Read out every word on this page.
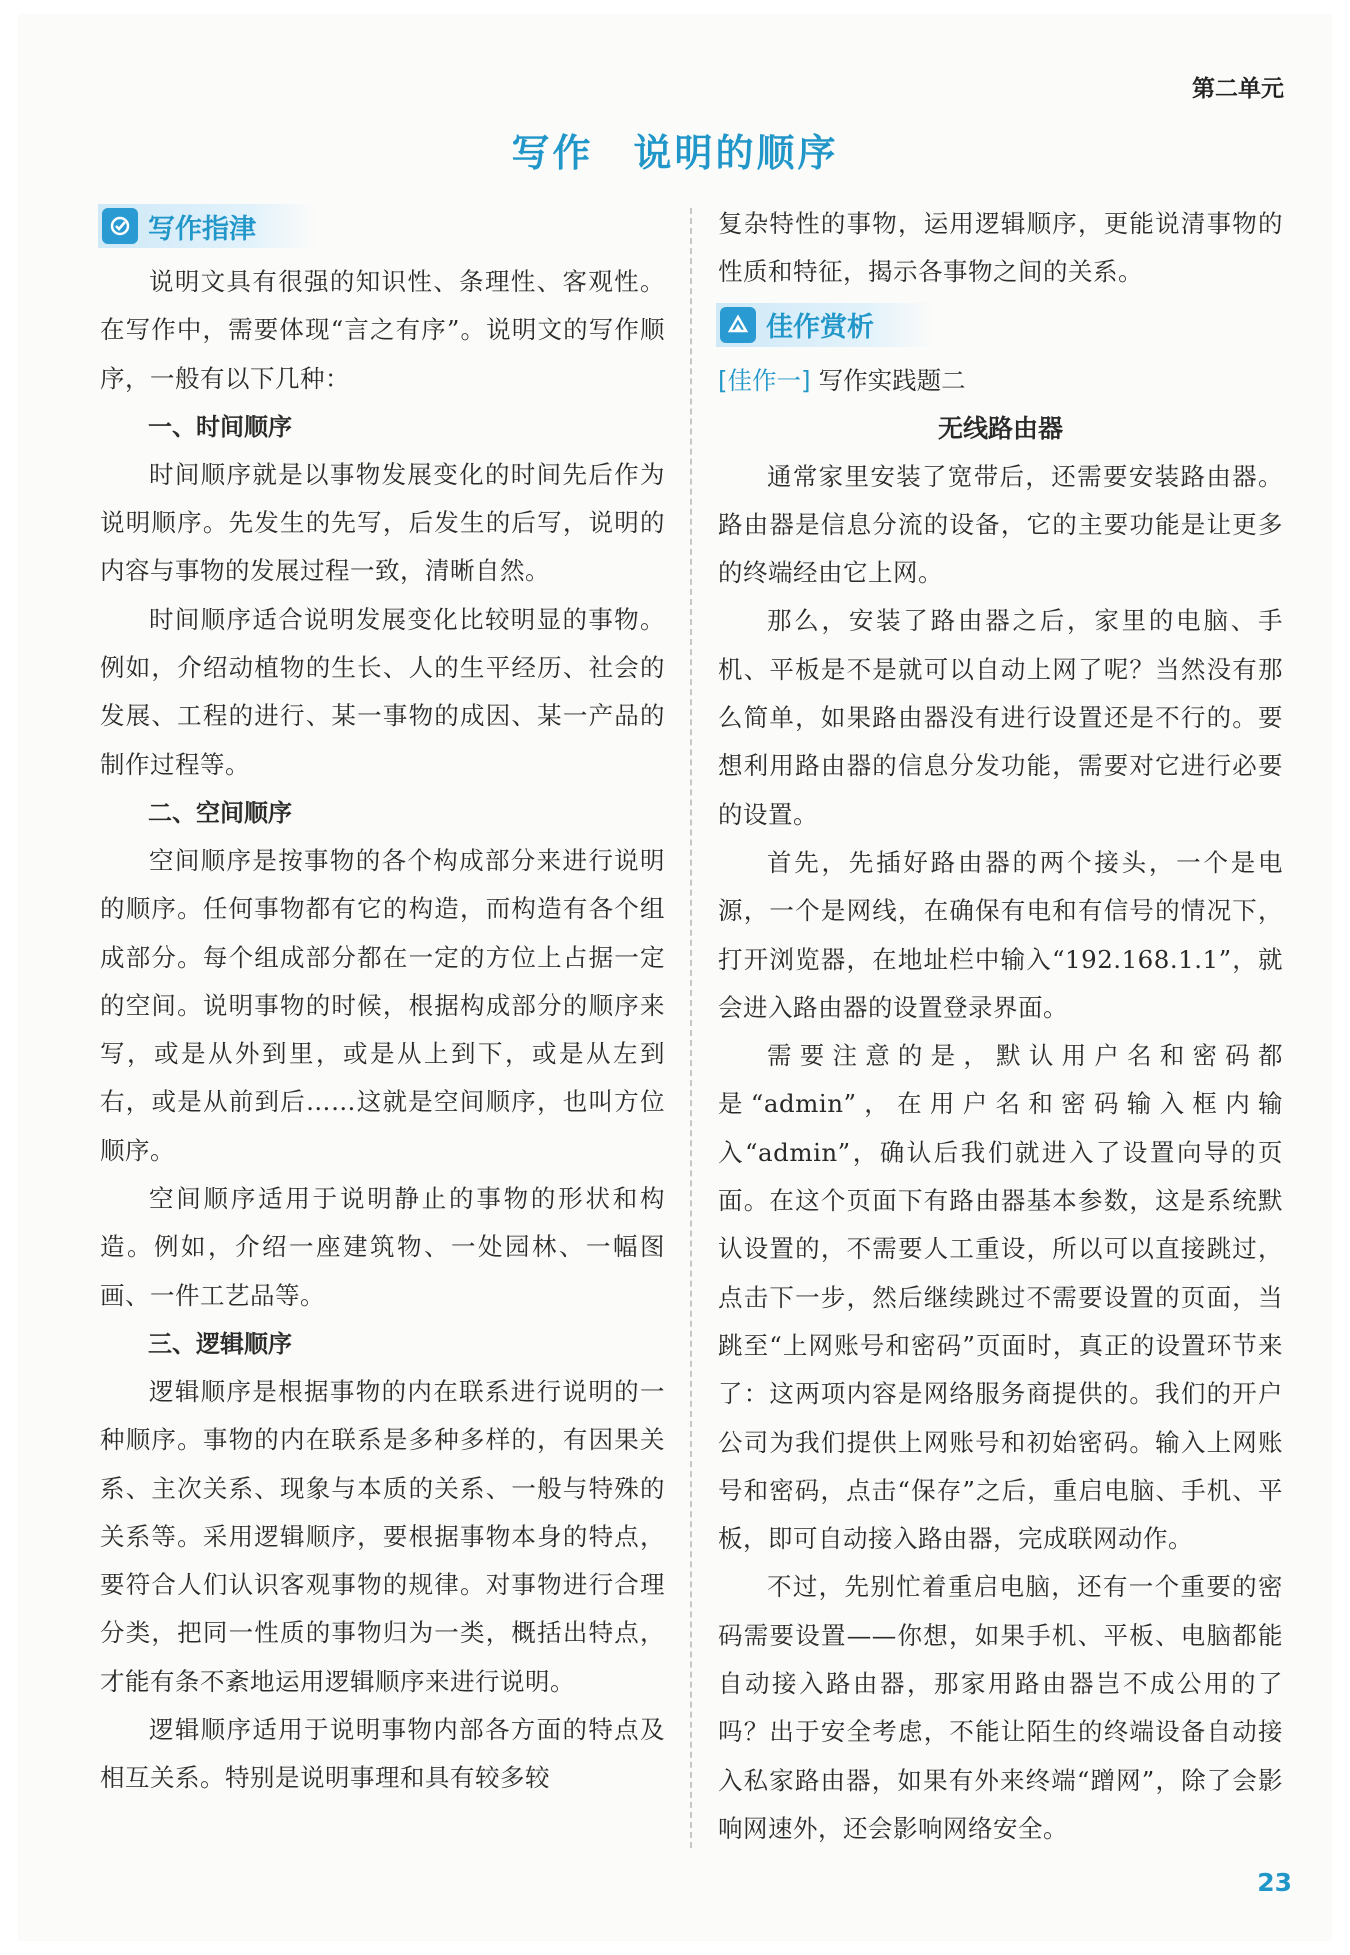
第二单元
写作 说明的顺序
写作指津

说明文具有很强的知识性、条理性、客观性。在写作中，需要体现“言之有序”。说明文的写作顺序，一般有以下几种：

一、时间顺序

时间顺序就是以事物发展变化的时间先后作为说明顺序。先发生的先写，后发生的后写，说明的内容与事物的发展过程一致，清晰自然。

时间顺序适合说明发展变化比较明显的事物。例如，介绍动植物的生长、人的生平经历、社会的发展、工程的进行、某一事物的成因、某一产品的制作过程等。

二、空间顺序

空间顺序是按事物的各个构成部分来进行说明的顺序。任何事物都有它的构造，而构造有各个组成部分。每个组成部分都在一定的方位上占据一定的空间。说明事物的时候，根据构成部分的顺序来写，或是从外到里，或是从上到下，或是从左到右，或是从前到后……这就是空间顺序，也叫方位顺序。

空间顺序适用于说明静止的事物的形状和构造。例如，介绍一座建筑物、一处园林、一幅图画、一件工艺品等。

三、逻辑顺序

逻辑顺序是根据事物的内在联系进行说明的一种顺序。事物的内在联系是多种多样的，有因果关系、主次关系、现象与本质的关系、一般与特殊的关系等。采用逻辑顺序，要根据事物本身的特点，要符合人们认识客观事物的规律。对事物进行合理分类，把同一性质的事物归为一类，概括出特点，才能有条不紊地运用逻辑顺序来进行说明。

逻辑顺序适用于说明事物内部各方面的特点及相互关系。特别是说明事理和具有较多较

复杂特性的事物，运用逻辑顺序，更能说清事物的性质和特征，揭示各事物之间的关系。

佳作赏析
[佳作一] 写作实践题二
无线路由器

通常家里安装了宽带后，还需要安装路由器。路由器是信息分流的设备，它的主要功能是让更多的终端经由它上网。

那么，安装了路由器之后，家里的电脑、手机、平板是不是就可以自动上网了呢？当然没有那么简单，如果路由器没有进行设置还是不行的。要想利用路由器的信息分发功能，需要对它进行必要的设置。

首先，先插好路由器的两个接头，一个是电源，一个是网线，在确保有电和有信号的情况下，打开浏览器，在地址栏中输入“192.168.1.1”，就会进入路由器的设置登录界面。

需要注意的是，默认用户名和密码都是“admin”，在用户名和密码输入框内输入“admin”，确认后我们就进入了设置向导的页面。在这个页面下有路由器基本参数，这是系统默认设置的，不需要人工重设，所以可以直接跳过，点击下一步，然后继续跳过不需要设置的页面，当跳至“上网账号和密码”页面时，真正的设置环节来了：这两项内容是网络服务商提供的。我们的开户公司为我们提供上网账号和初始密码。输入上网账号和密码，点击“保存”之后，重启电脑、手机、平板，即可自动接入路由器，完成联网动作。

不过，先别忙着重启电脑，还有一个重要的密码需要设置——你想，如果手机、平板、电脑都能自动接入路由器，那家用路由器岂不成公用的了吗？出于安全考虑，不能让陌生的终端设备自动接入私家路由器，如果有外来终端“蹭网”，除了会影响网速外，还会影响网络安全。

23
